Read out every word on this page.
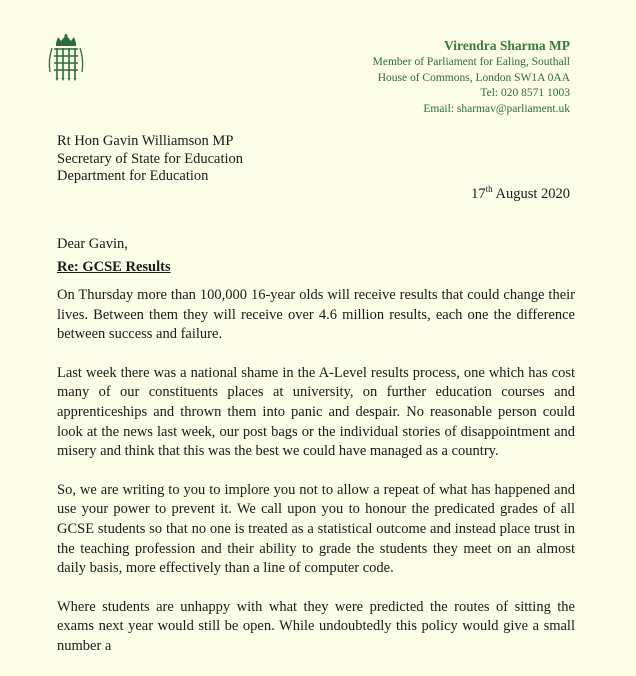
Virendra Sharma MP
Member of Parliament for Ealing, Southall
House of Commons, London SW1A 0AA
Tel: 020 8571 1003
Email: sharmav@parliament.uk
Rt Hon Gavin Williamson MP
Secretary of State for Education
Department for Education
17th August 2020
Dear Gavin,
Re: GCSE Results

On Thursday more than 100,000 16-year olds will receive results that could change their lives. Between them they will receive over 4.6 million results, each one the difference between success and failure.

Last week there was a national shame in the A-Level results process, one which has cost many of our constituents places at university, on further education courses and apprenticeships and thrown them into panic and despair. No reasonable person could look at the news last week, our post bags or the individual stories of disappointment and misery and think that this was the best we could have managed as a country.

So, we are writing to you to implore you not to allow a repeat of what has happened and use your power to prevent it. We call upon you to honour the predicated grades of all GCSE students so that no one is treated as a statistical outcome and instead place trust in the teaching profession and their ability to grade the students they meet on an almost daily basis, more effectively than a line of computer code.

Where students are unhappy with what they were predicted the routes of sitting the exams next year would still be open. While undoubtedly this policy would give a small number a
